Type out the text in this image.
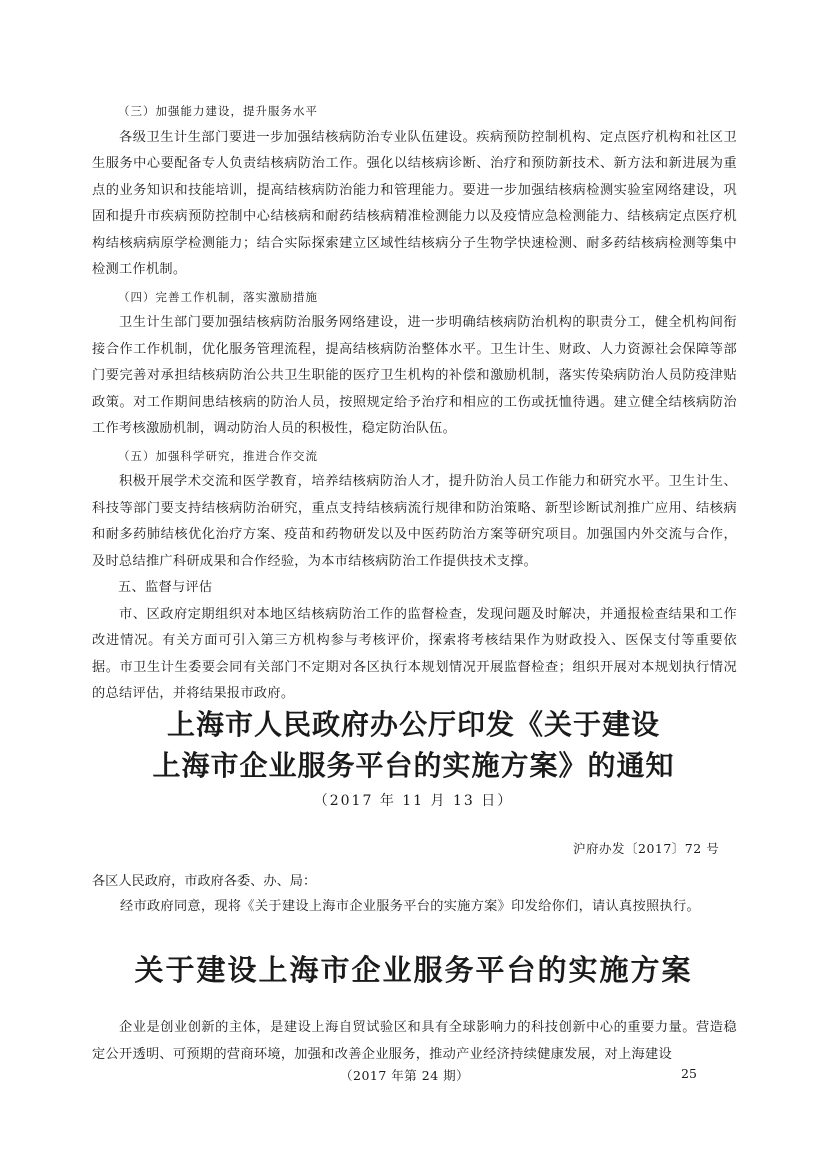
（三）加强能力建设，提升服务水平

各级卫生计生部门要进一步加强结核病防治专业队伍建设。疾病预防控制机构、定点医疗机构和社区卫生服务中心要配备专人负责结核病防治工作。强化以结核病诊断、治疗和预防新技术、新方法和新进展为重点的业务知识和技能培训，提高结核病防治能力和管理能力。要进一步加强结核病检测实验室网络建设，巩固和提升市疾病预防控制中心结核病和耐药结核病精准检测能力以及疫情应急检测能力、结核病定点医疗机构结核病病原学检测能力；结合实际探索建立区域性结核病分子生物学快速检测、耐多药结核病检测等集中检测工作机制。

（四）完善工作机制，落实激励措施

卫生计生部门要加强结核病防治服务网络建设，进一步明确结核病防治机构的职责分工，健全机构间衔接合作工作机制，优化服务管理流程，提高结核病防治整体水平。卫生计生、财政、人力资源社会保障等部门要完善对承担结核病防治公共卫生职能的医疗卫生机构的补偿和激励机制，落实传染病防治人员防疫津贴政策。对工作期间患结核病的防治人员，按照规定给予治疗和相应的工伤或抚恤待遇。建立健全结核病防治工作考核激励机制，调动防治人员的积极性，稳定防治队伍。

（五）加强科学研究，推进合作交流

积极开展学术交流和医学教育，培养结核病防治人才，提升防治人员工作能力和研究水平。卫生计生、科技等部门要支持结核病防治研究，重点支持结核病流行规律和防治策略、新型诊断试剂推广应用、结核病和耐多药肺结核优化治疗方案、疫苗和药物研发以及中医药防治方案等研究项目。加强国内外交流与合作，及时总结推广科研成果和合作经验，为本市结核病防治工作提供技术支撑。

五、监督与评估

市、区政府定期组织对本地区结核病防治工作的监督检查，发现问题及时解决，并通报检查结果和工作改进情况。有关方面可引入第三方机构参与考核评价，探索将考核结果作为财政投入、医保支付等重要依据。市卫生计生委要会同有关部门不定期对各区执行本规划情况开展监督检查；组织开展对本规划执行情况的总结评估，并将结果报市政府。

上海市人民政府办公厅印发《关于建设
上海市企业服务平台的实施方案》的通知
（2017 年 11 月 13 日）
沪府办发〔2017〕72 号
各区人民政府，市政府各委、办、局：
经市政府同意，现将《关于建设上海市企业服务平台的实施方案》印发给你们，请认真按照执行。
关于建设上海市企业服务平台的实施方案

企业是创业创新的主体，是建设上海自贸试验区和具有全球影响力的科技创新中心的重要力量。营造稳定公开透明、可预期的营商环境，加强和改善企业服务，推动产业经济持续健康发展，对上海建设

（2017 年第 24 期）	25
